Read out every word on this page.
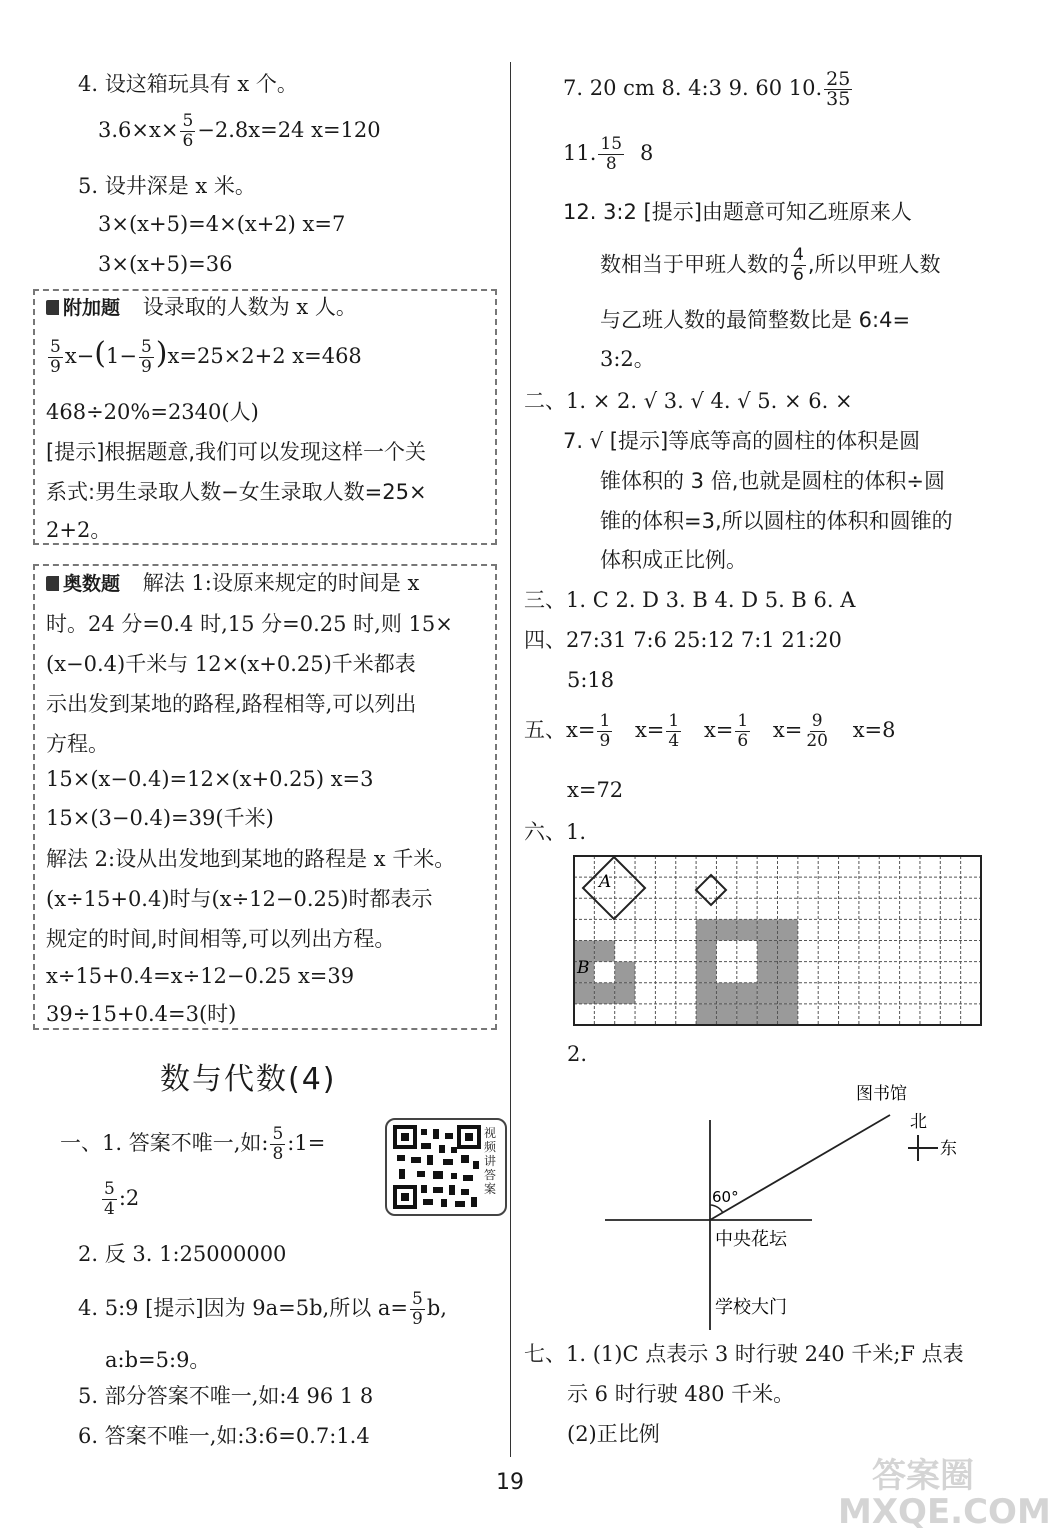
4. 设这箱玩具有 x 个。
$3.6\times x\times \frac{5}{6} -2.8x=24$ x=120
5. 设井深是 x 米。
3×(x+5)=4×(x+2) x=7
3×(x+5)=36
附加题 设录取的人数为 x 人。
$\frac{5}{9} x-(1- \frac{5}{9} )x=25\times 2+2$ x=468
468÷20%=2340(人)
[提示]根据题意,我们可以发现这样一个关
系式:男生录取人数−女生录取人数=25×
2+2。
奥数题 解法 1:设原来规定的时间是 x
时。24 分=0.4 时,15 分=0.25 时,则 15×
(x−0.4)千米与 12×(x+0.25)千米都表
示出发到某地的路程,路程相等,可以列出
方程。
15×(x−0.4)=12×(x+0.25) x=3
15×(3−0.4)=39(千米)
解法 2:设从出发地到某地的路程是 x 千米。
(x÷15+0.4)时与(x÷12−0.25)时都表示
规定的时间,时间相等,可以列出方程。
x÷15+0.4=x÷12−0.25 x=39
39÷15+0.4=3(时)
数与代数(4)
一、1. 答案不唯一,如: $\frac{5}{8}$ :1=
$\frac{5}{4}$ :2
视频讲答案
2. 反 3. 1:25000000
4. 5:9 [提示]因为 9a=5b,所以 $a= \frac{5}{9} b$,
a:b=5:9。
5. 部分答案不唯一,如:4 96 1 8
6. 答案不唯一,如:3:6=0.7:1.4
7. 20 cm 8. 4:3 9. 60 10. $\frac{25}{35}$
11. $\frac{15}{8} 8$
12. 3:2 [提示]由题意可知乙班原来人
数相当于甲班人数的 $\frac{4}{6}$ ,所以甲班人数
与乙班人数的最简整数比是 6:4=
3:2。
二、1. × 2. √ 3. √ 4. √ 5. × 6. ×
7. √ [提示]等底等高的圆柱的体积是圆
锥体积的 3 倍,也就是圆柱的体积÷圆
锥的体积=3,所以圆柱的体积和圆锥的
体积成正比例。
三、1. C 2. D 3. B 4. D 5. B 6. A
四、27:31 7:6 25:12 7:1 21:20
5:18
五、$x= \frac{1}{9} x= \frac{1}{4} x= \frac{1}{6} x= \frac{9}{20} x=8$
x=72
六、1.
A
B
2.
图书馆
北
东
60°
中央花坛
学校大门
七、1. (1)C 点表示 3 时行驶 240 千米;F 点表
示 6 时行驶 480 千米。
(2)正比例
19	答案圈 MXQE.COM
